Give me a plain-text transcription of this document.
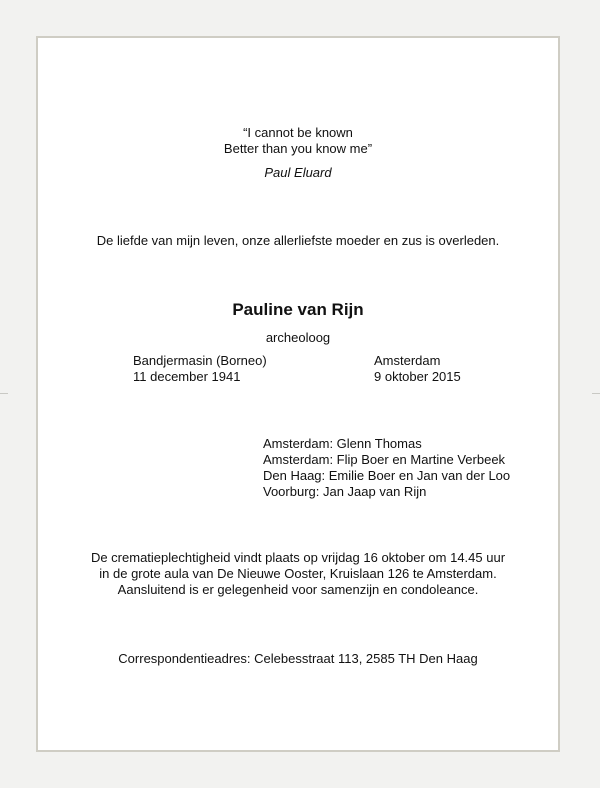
“I cannot be known
Better than you know me”
Paul Eluard
De liefde van mijn leven, onze allerliefste moeder en zus is overleden.
Pauline van Rijn
archeoloog
Bandjermasin (Borneo)
11 december 1941
Amsterdam
9 oktober 2015
Amsterdam: Glenn Thomas
Amsterdam: Flip Boer en Martine Verbeek
Den Haag: Emilie Boer en Jan van der Loo
Voorburg: Jan Jaap van Rijn
De crematieplechtigheid vindt plaats op vrijdag 16 oktober om 14.45 uur
in de grote aula van De Nieuwe Ooster, Kruislaan 126 te Amsterdam.
Aansluitend is er gelegenheid voor samenzijn en condoleance.
Correspondentieadres: Celebesstraat 113, 2585 TH Den Haag
